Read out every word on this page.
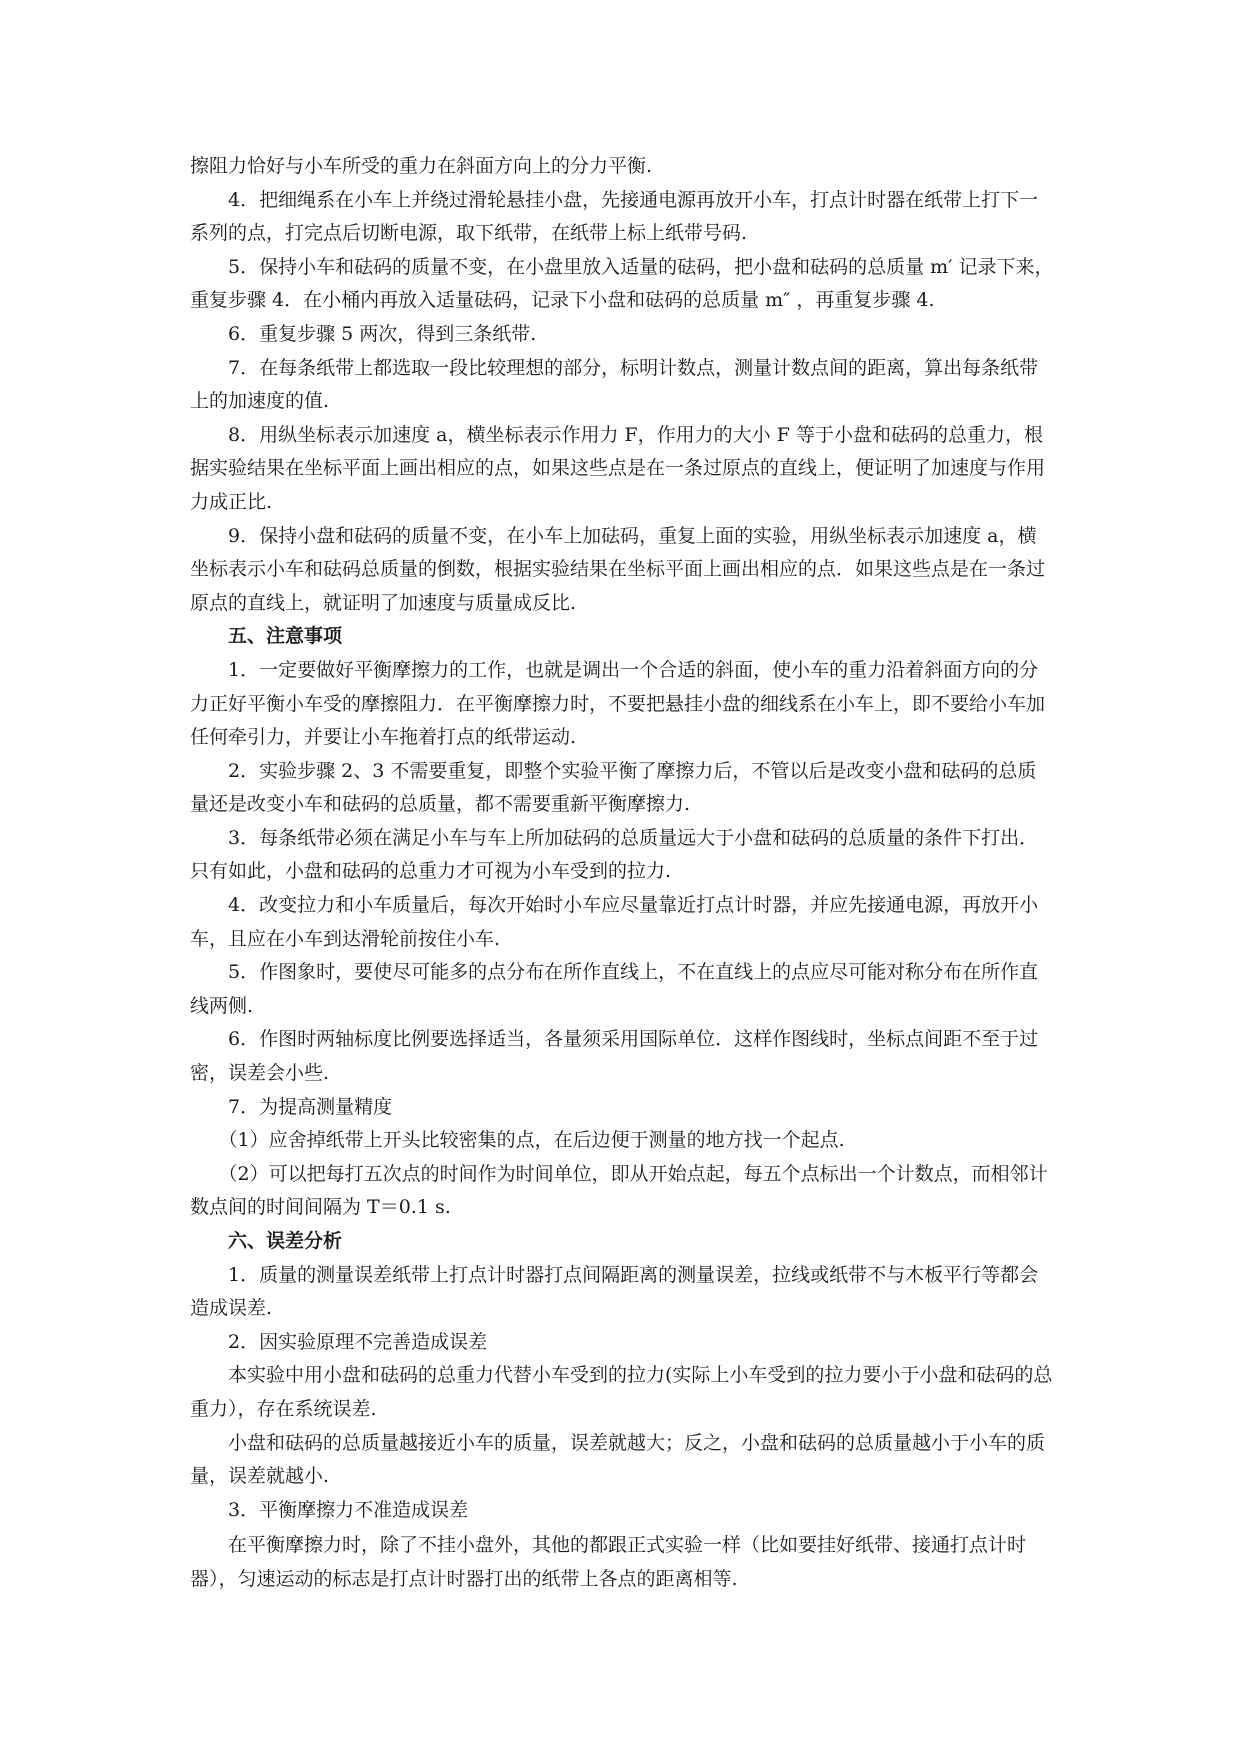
擦阻力恰好与小车所受的重力在斜面方向上的分力平衡.

4．把细绳系在小车上并绕过滑轮悬挂小盘，先接通电源再放开小车，打点计时器在纸带上打下一系列的点，打完点后切断电源，取下纸带，在纸带上标上纸带号码.

5．保持小车和砝码的质量不变，在小盘里放入适量的砝码，把小盘和砝码的总质量 m′ 记录下来，重复步骤 4．在小桶内再放入适量砝码，记录下小盘和砝码的总质量 m″ ，再重复步骤 4.

6．重复步骤 5 两次，得到三条纸带.

7．在每条纸带上都选取一段比较理想的部分，标明计数点，测量计数点间的距离，算出每条纸带上的加速度的值.

8．用纵坐标表示加速度 a，横坐标表示作用力 F，作用力的大小 F 等于小盘和砝码的总重力，根据实验结果在坐标平面上画出相应的点，如果这些点是在一条过原点的直线上，便证明了加速度与作用力成正比.

9．保持小盘和砝码的质量不变，在小车上加砝码，重复上面的实验，用纵坐标表示加速度 a，横坐标表示小车和砝码总质量的倒数，根据实验结果在坐标平面上画出相应的点．如果这些点是在一条过原点的直线上，就证明了加速度与质量成反比.

五、注意事项

1．一定要做好平衡摩擦力的工作，也就是调出一个合适的斜面，使小车的重力沿着斜面方向的分力正好平衡小车受的摩擦阻力．在平衡摩擦力时，不要把悬挂小盘的细线系在小车上，即不要给小车加任何牵引力，并要让小车拖着打点的纸带运动.

2．实验步骤 2、3 不需要重复，即整个实验平衡了摩擦力后，不管以后是改变小盘和砝码的总质量还是改变小车和砝码的总质量，都不需要重新平衡摩擦力.

3．每条纸带必须在满足小车与车上所加砝码的总质量远大于小盘和砝码的总质量的条件下打出．只有如此，小盘和砝码的总重力才可视为小车受到的拉力.

4．改变拉力和小车质量后，每次开始时小车应尽量靠近打点计时器，并应先接通电源，再放开小车，且应在小车到达滑轮前按住小车.

5．作图象时，要使尽可能多的点分布在所作直线上，不在直线上的点应尽可能对称分布在所作直线两侧.

6．作图时两轴标度比例要选择适当，各量须采用国际单位．这样作图线时，坐标点间距不至于过密，误差会小些.

7．为提高测量精度

（1）应舍掉纸带上开头比较密集的点，在后边便于测量的地方找一个起点.

（2）可以把每打五次点的时间作为时间单位，即从开始点起，每五个点标出一个计数点，而相邻计数点间的时间间隔为 T＝0.1 s.

六、误差分析

1．质量的测量误差纸带上打点计时器打点间隔距离的测量误差，拉线或纸带不与木板平行等都会造成误差.

2．因实验原理不完善造成误差

本实验中用小盘和砝码的总重力代替小车受到的拉力(实际上小车受到的拉力要小于小盘和砝码的总重力），存在系统误差.

小盘和砝码的总质量越接近小车的质量，误差就越大；反之，小盘和砝码的总质量越小于小车的质量，误差就越小.

3．平衡摩擦力不准造成误差

在平衡摩擦力时，除了不挂小盘外，其他的都跟正式实验一样（比如要挂好纸带、接通打点计时器），匀速运动的标志是打点计时器打出的纸带上各点的距离相等.
